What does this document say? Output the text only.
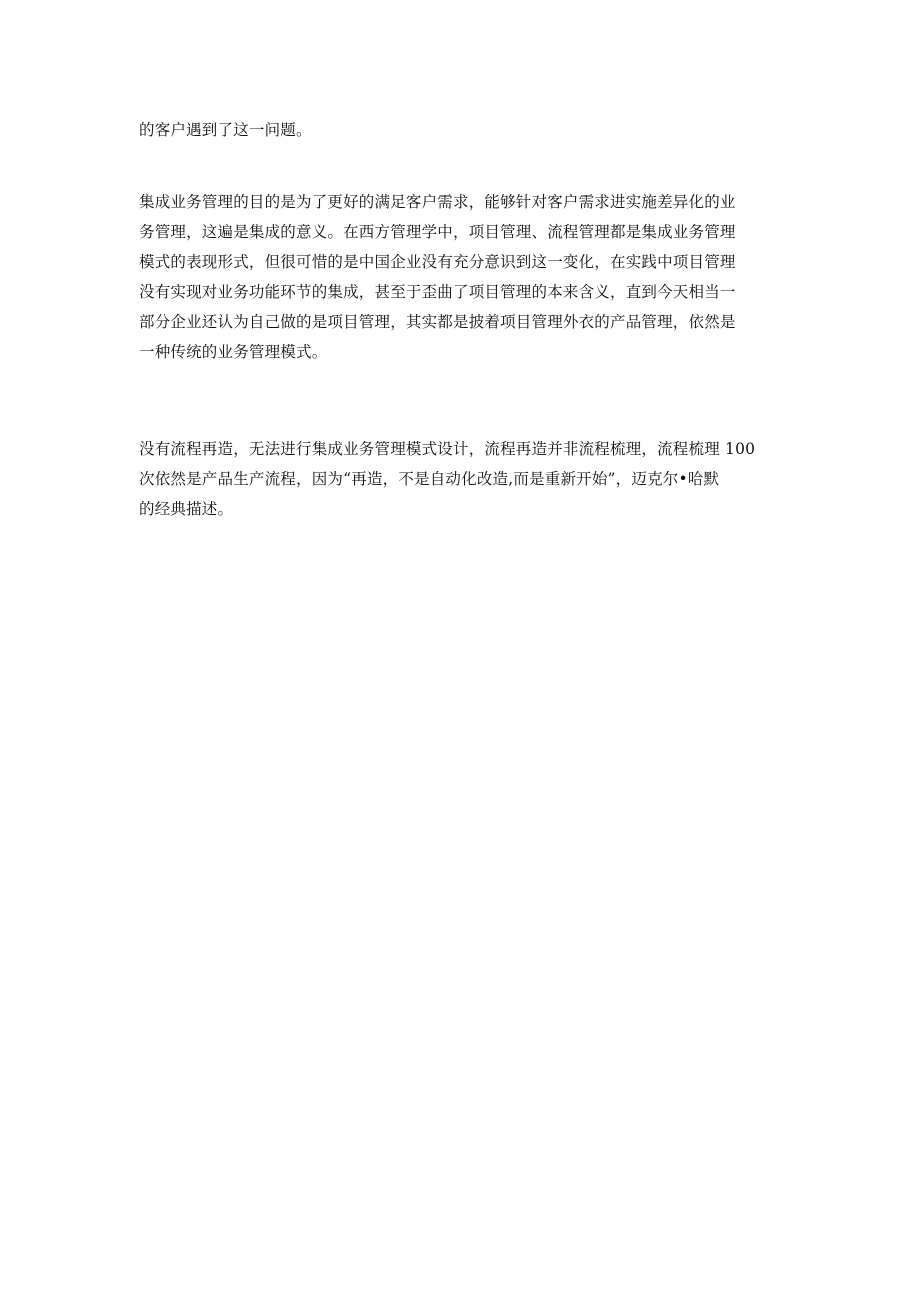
的客户遇到了这一问题。
集成业务管理的目的是为了更好的满足客户需求，能够针对客户需求进实施差异化的业
务管理，这遍是集成的意义。在西方管理学中，项目管理、流程管理都是集成业务管理
模式的表现形式，但很可惜的是中国企业没有充分意识到这一变化，在实践中项目管理
没有实现对业务功能环节的集成，甚至于歪曲了项目管理的本来含义，直到今天相当一
部分企业还认为自己做的是项目管理，其实都是披着项目管理外衣的产品管理，依然是
一种传统的业务管理模式。
没有流程再造，无法进行集成业务管理模式设计，流程再造并非流程梳理，流程梳理 100
次依然是产品生产流程，因为“再造，不是自动化改造,而是重新开始”，迈克尔•哈默
的经典描述。
